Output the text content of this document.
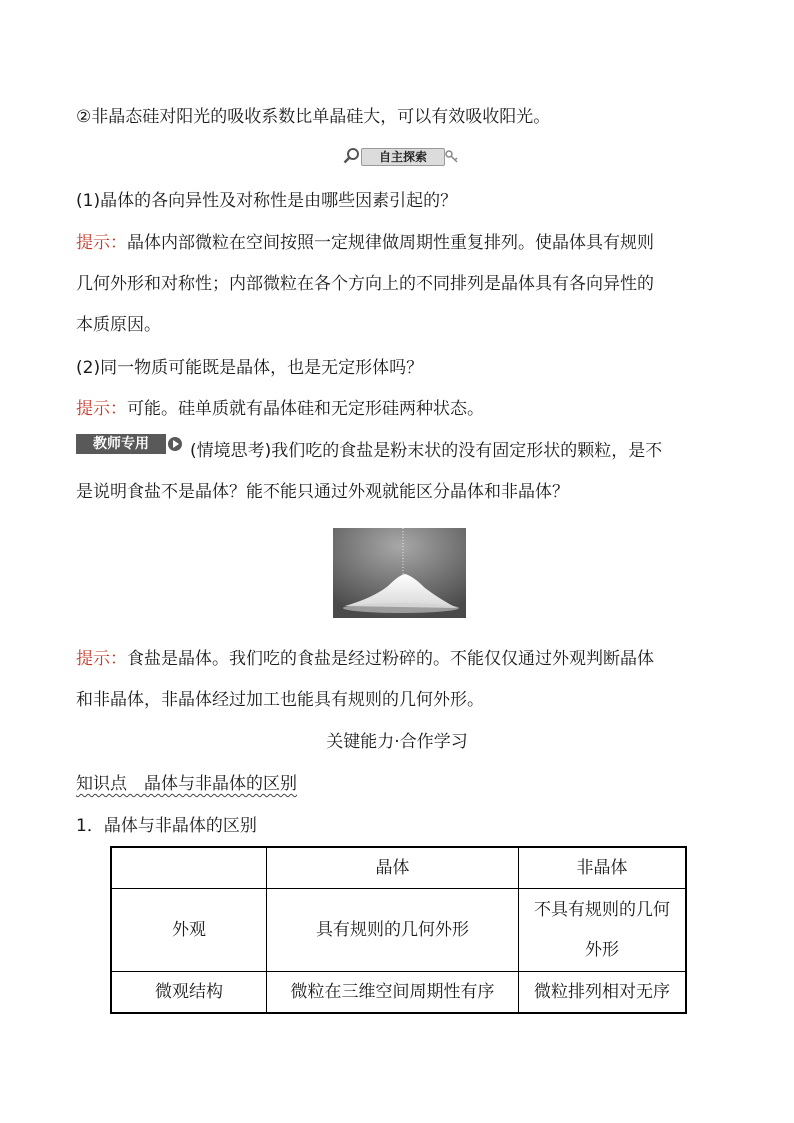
②非晶态硅对阳光的吸收系数比单晶硅大，可以有效吸收阳光。
自主探索
(1)晶体的各向异性及对称性是由哪些因素引起的？
提示：晶体内部微粒在空间按照一定规律做周期性重复排列。使晶体具有规则
几何外形和对称性；内部微粒在各个方向上的不同排列是晶体具有各向异性的
本质原因。
(2)同一物质可能既是晶体，也是无定形体吗？
提示：可能。硅单质就有晶体硅和无定形硅两种状态。
教师专用	(情境思考)我们吃的食盐是粉末状的没有固定形状的颗粒，是不
是说明食盐不是晶体？能不能只通过外观就能区分晶体和非晶体？
提示：食盐是晶体。我们吃的食盐是经过粉碎的。不能仅仅通过外观判断晶体
和非晶体，非晶体经过加工也能具有规则的几何外形。
关键能力·合作学习
知识点　晶体与非晶体的区别
1．晶体与非晶体的区别
	晶体	非晶体
外观	具有规则的几何外形	不具有规则的几何
外形

微观结构	微粒在三维空间周期性有序	微粒排列相对无序
